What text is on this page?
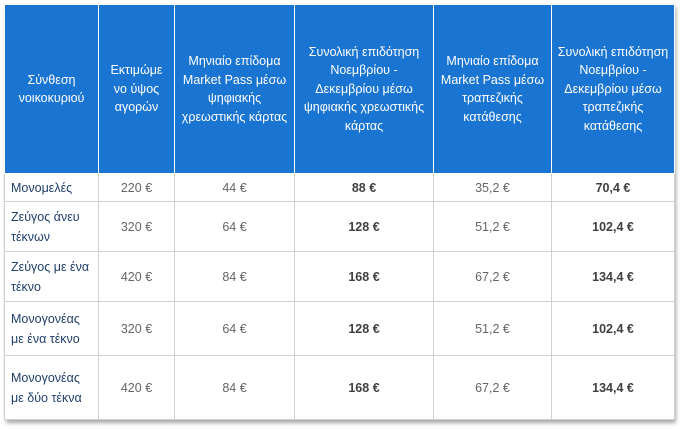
Σύνθεση νοικοκυριού	Εκτιμώμε νο ύψος αγορών	Μηνιαίο επίδομα Market Pass μέσω ψηφιακής χρεωστικής κάρτας	Συνολική επιδότηση Νοεμβρίου - Δεκεμβρίου μέσω ψηφιακής χρεωστικής κάρτας	Μηνιαίο επίδομα Market Pass μέσω τραπεζικής κατάθεσης	Συνολική επιδότηση Νοεμβρίου - Δεκεμβρίου μέσω τραπεζικής κατάθεσης
Μονομελές	220 €	44 €	88 €	35,2 €	70,4 €
Ζεύγος άνευ τέκνων	320 €	64 €	128 €	51,2 €	102,4 €
Ζεύγος με ένα τέκνο	420 €	84 €	168 €	67,2 €	134,4 €
Μονογονέας με ένα τέκνο	320 €	64 €	128 €	51,2 €	102,4 €
Μονογονέας με δύο τέκνα	420 €	84 €	168 €	67,2 €	134,4 €
